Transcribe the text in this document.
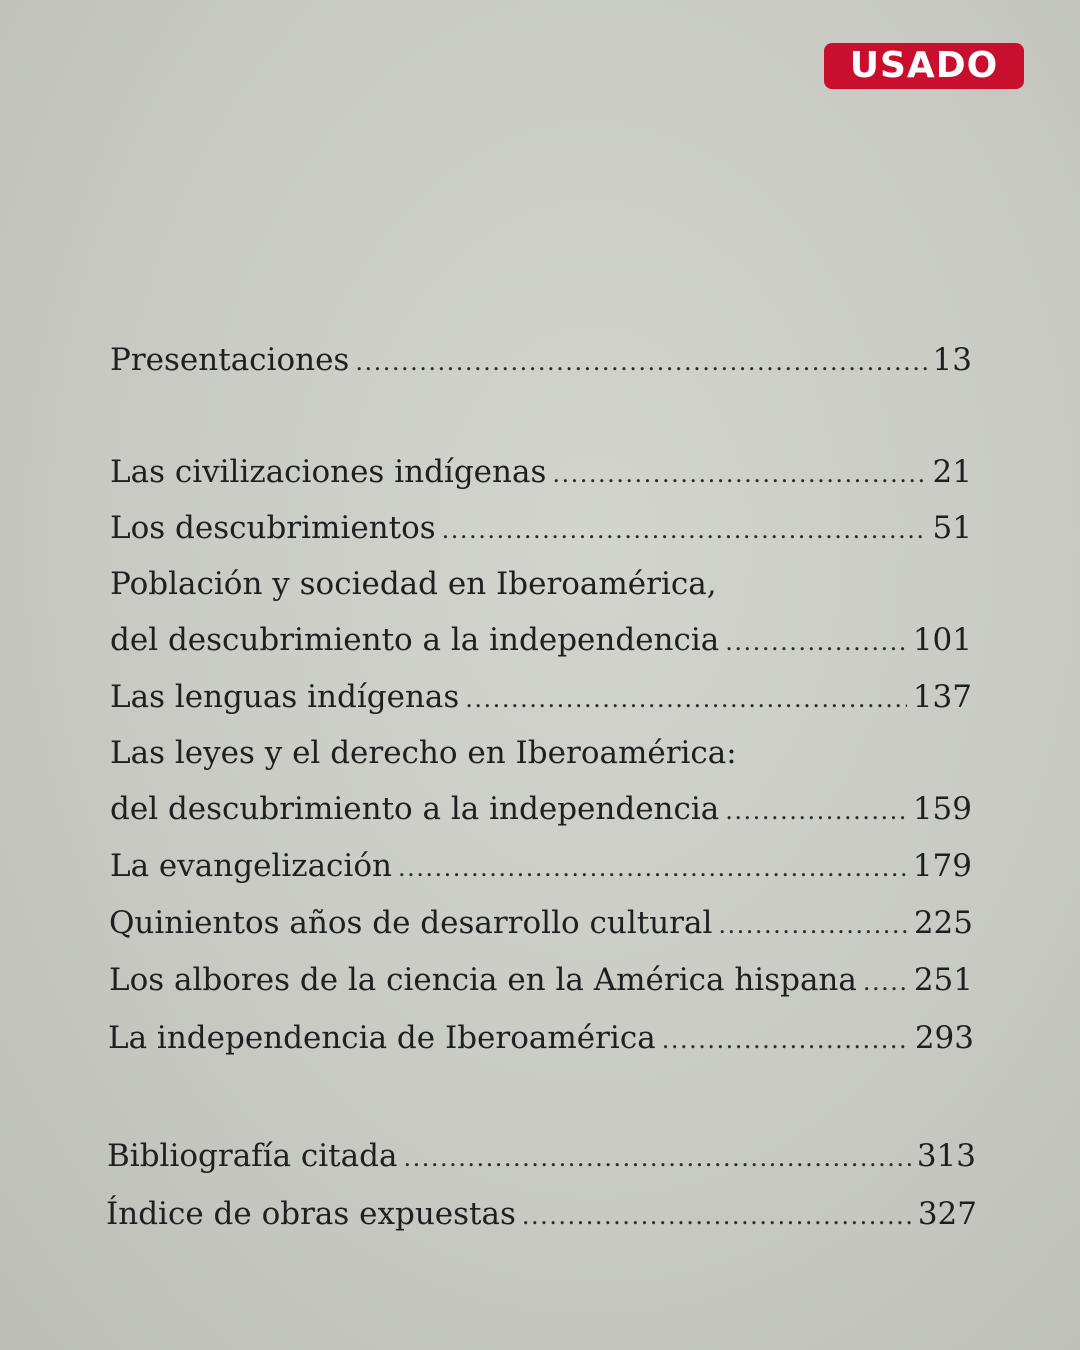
USADO
Presentaciones .....	13
Las civilizaciones indígenas .....	21
Los descubrimientos .....	51
Población y sociedad en Iberoamérica,
del descubrimiento a la independencia .....	101
Las lenguas indígenas .....	137
Las leyes y el derecho en Iberoamérica:
del descubrimiento a la independencia .....	159
La evangelización .....	179
Quinientos años de desarrollo cultural .....	225
Los albores de la ciencia en la América hispana ..... 251
La independencia de Iberoamérica .....	293
Bibliografía citada .....	313
Índice de obras expuestas .....	327
